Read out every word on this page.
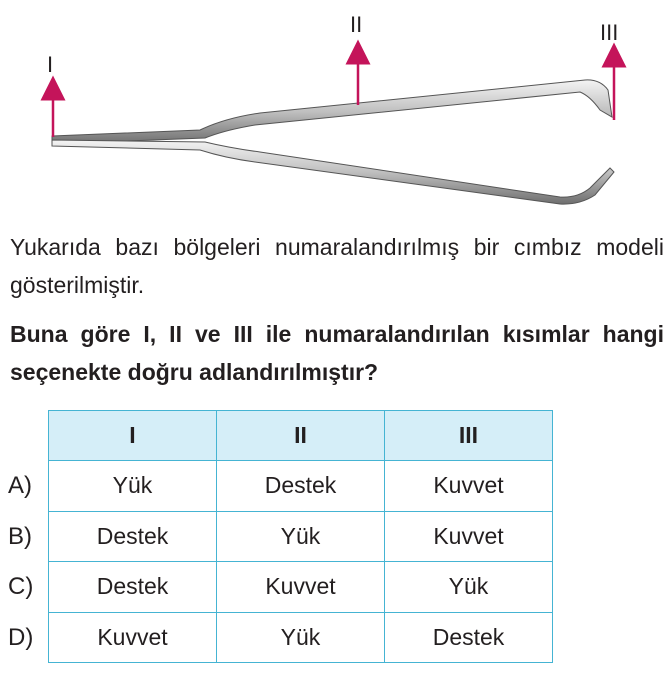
I
II	III

Yukarıda bazı bölgeleri numaralandırılmış bir cımbız modeli gösterilmiştir.

Buna göre I, II ve III ile numaralandırılan kısımlar hangi seçenekte doğru adlandırılmıştır?

I	II	III
A)	Yük	Destek	Kuvvet
B)	Destek	Yük	Kuvvet
C)	Destek	Kuvvet	Yük
D)	Kuvvet	Yük	Destek
